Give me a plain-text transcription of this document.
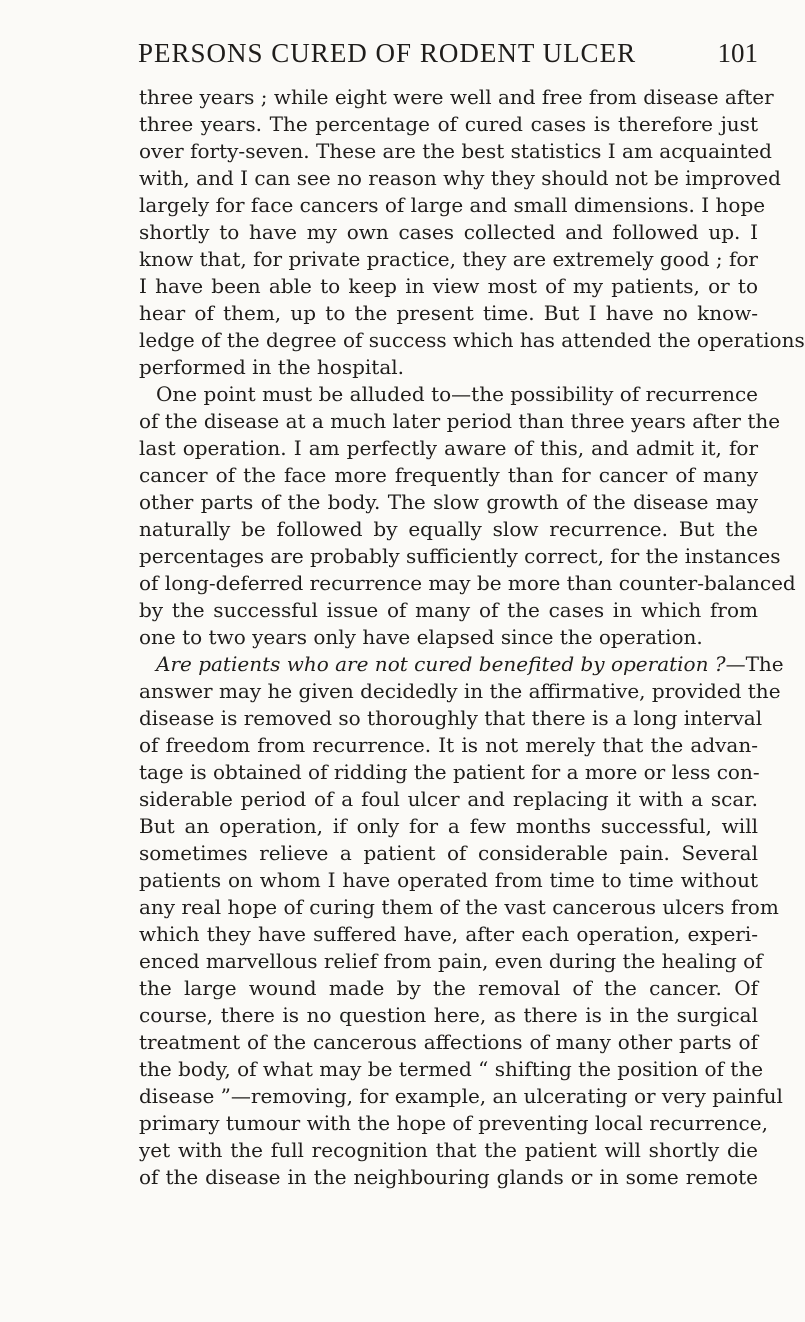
PERSONS CURED OF RODENT ULCER	101
three years ; while eight were well and free from disease after
three years. The percentage of cured cases is therefore just
over forty-seven. These are the best statistics I am acquainted
with, and I can see no reason why they should not be improved
largely for face cancers of large and small dimensions. I hope
shortly to have my own cases collected and followed up. I
know that, for private practice, they are extremely good ; for
I have been able to keep in view most of my patients, or to
hear of them, up to the present time. But I have no know-
ledge of the degree of success which has attended the operations
performed in the hospital.
One point must be alluded to—the possibility of recurrence
of the disease at a much later period than three years after the
last operation. I am perfectly aware of this, and admit it, for
cancer of the face more frequently than for cancer of many
other parts of the body. The slow growth of the disease may
naturally be followed by equally slow recurrence. But the
percentages are probably sufficiently correct, for the instances
of long-deferred recurrence may be more than counter-balanced
by the successful issue of many of the cases in which from
one to two years only have elapsed since the operation.
Are patients who are not cured benefited by operation ?—The
answer may he given decidedly in the affirmative, provided the
disease is removed so thoroughly that there is a long interval
of freedom from recurrence. It is not merely that the advan-
tage is obtained of ridding the patient for a more or less con-
siderable period of a foul ulcer and replacing it with a scar.
But an operation, if only for a few months successful, will
sometimes relieve a patient of considerable pain. Several
patients on whom I have operated from time to time without
any real hope of curing them of the vast cancerous ulcers from
which they have suffered have, after each operation, experi-
enced marvellous relief from pain, even during the healing of
the large wound made by the removal of the cancer. Of
course, there is no question here, as there is in the surgical
treatment of the cancerous affections of many other parts of
the body, of what may be termed “ shifting the position of the
disease ”—removing, for example, an ulcerating or very painful
primary tumour with the hope of preventing local recurrence,
yet with the full recognition that the patient will shortly die
of the disease in the neighbouring glands or in some remote
